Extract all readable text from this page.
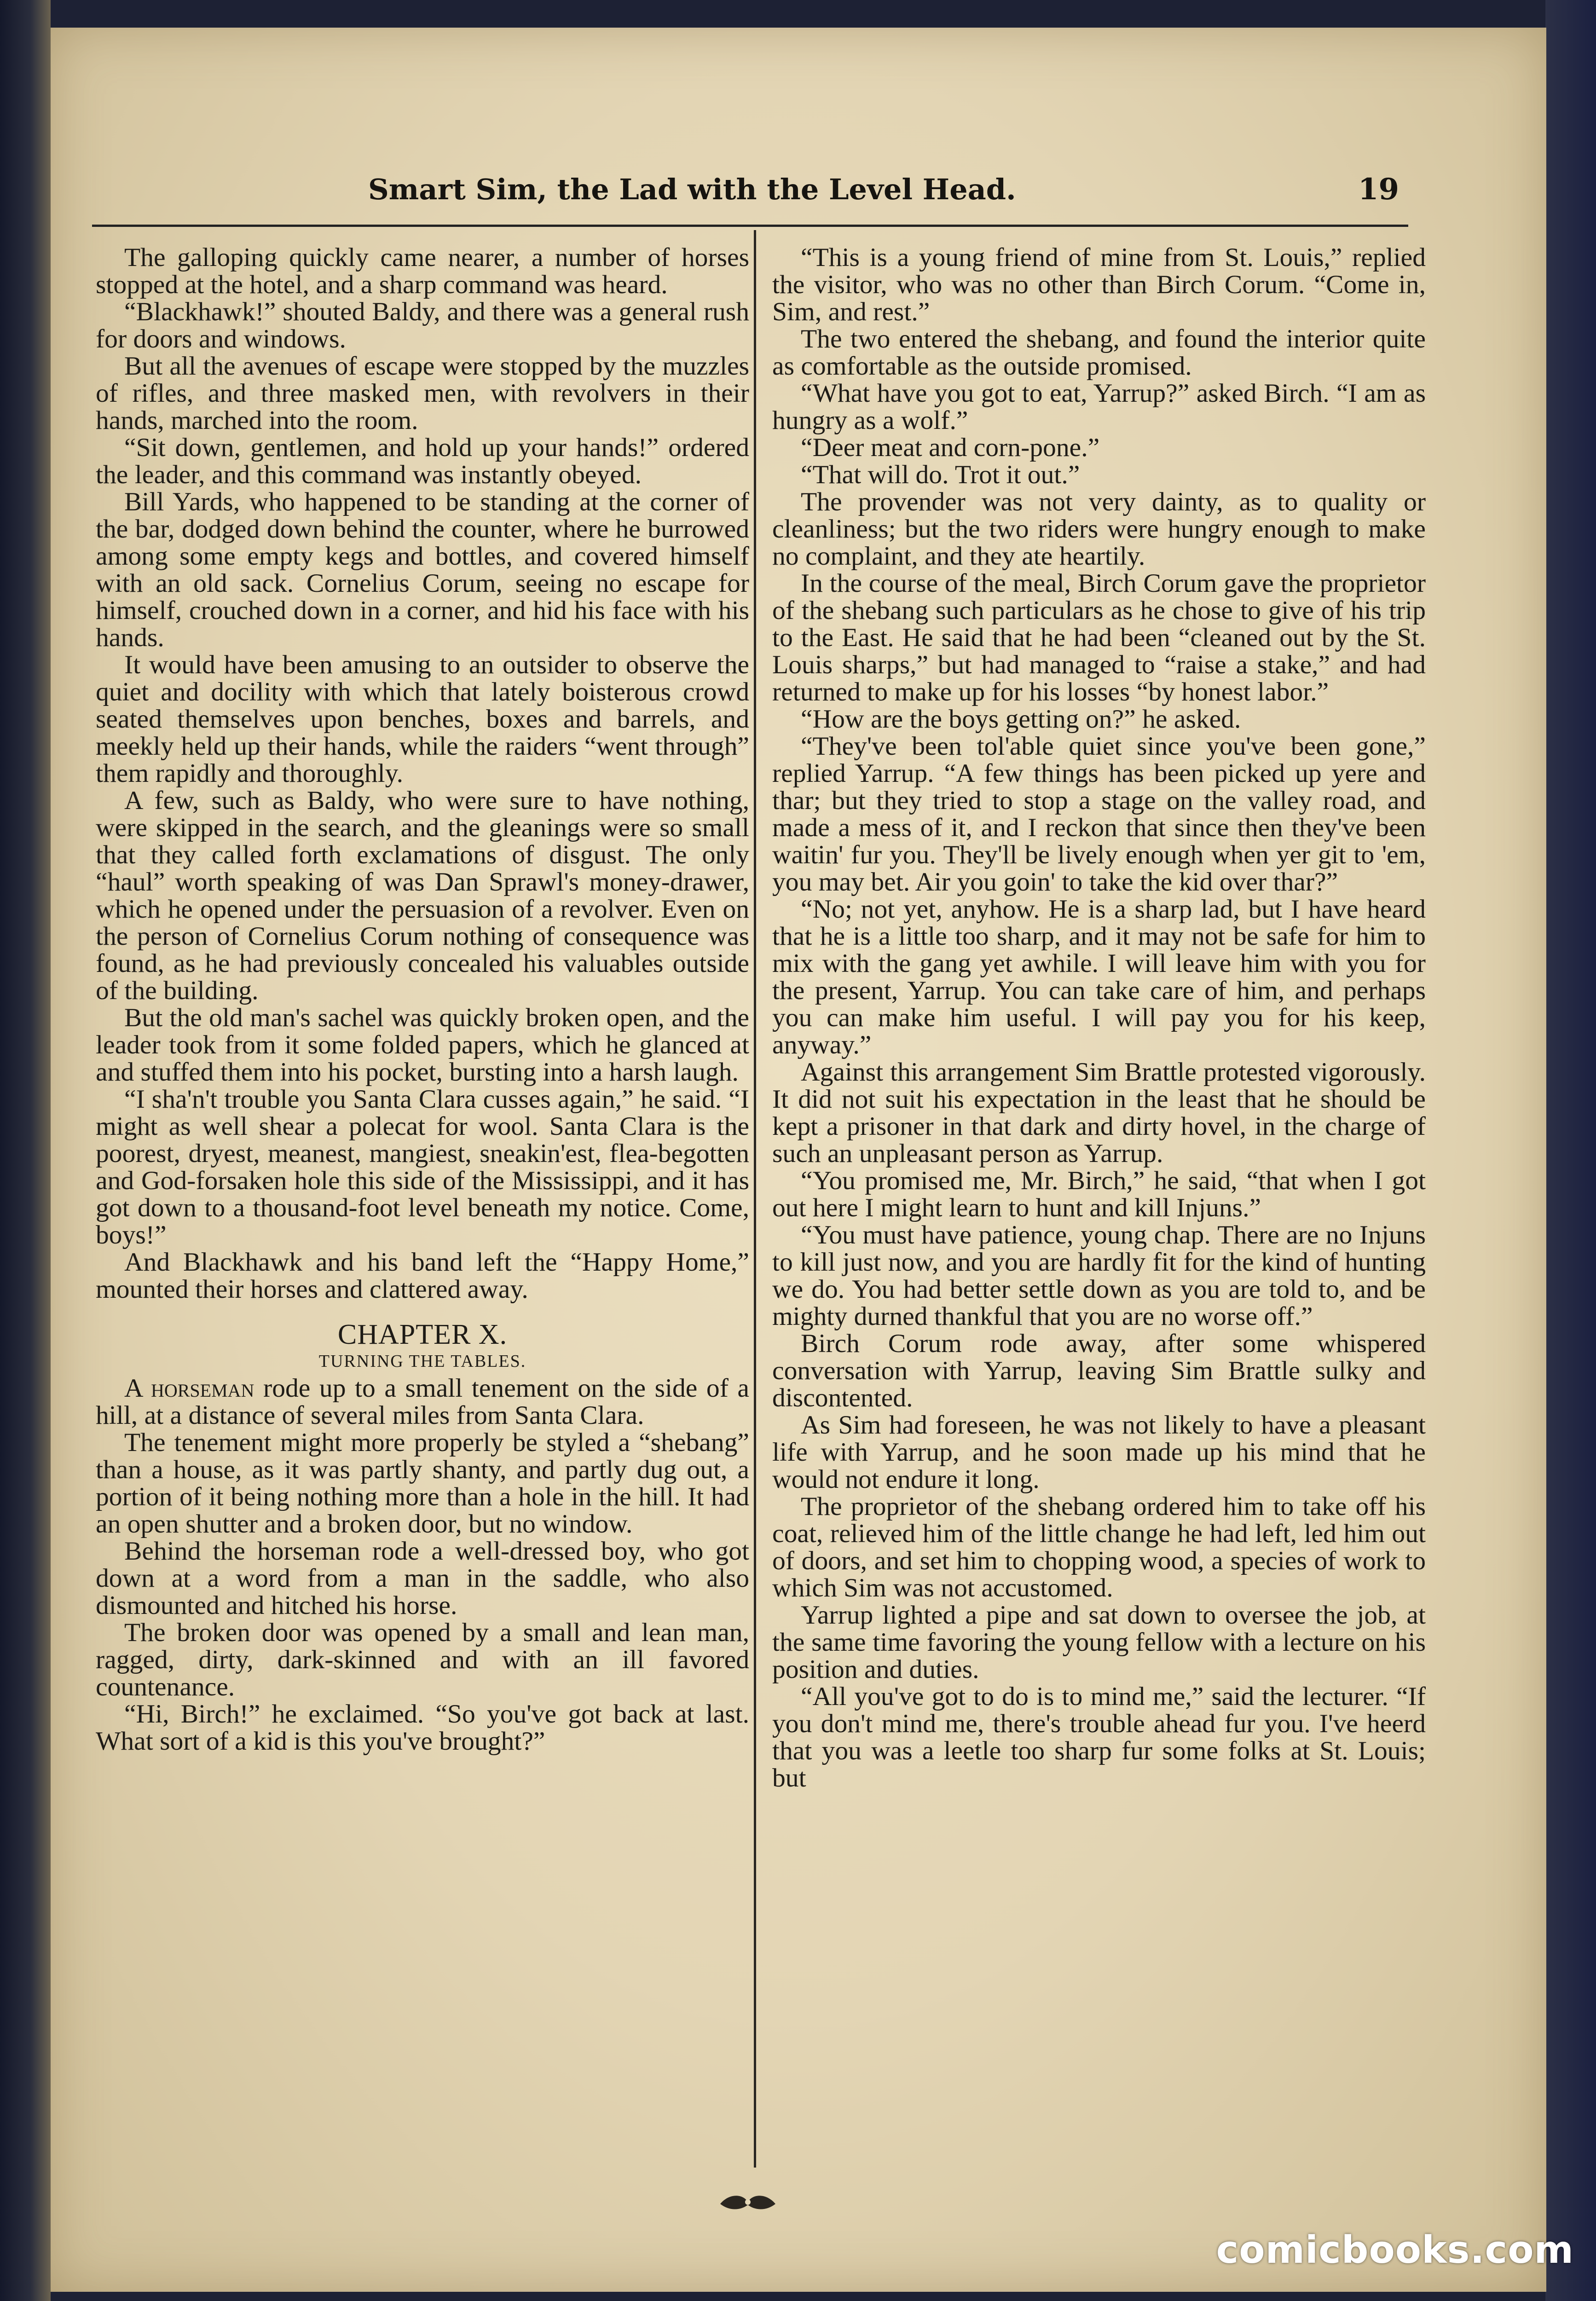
Smart Sim, the Lad with the Level Head.	19

The galloping quickly came nearer, a number of horses stopped at the hotel, and a sharp command was heard.

“Blackhawk!” shouted Baldy, and there was a general rush for doors and windows.

But all the avenues of escape were stopped by the muzzles of rifles, and three masked men, with revolvers in their hands, marched into the room.

“Sit down, gentlemen, and hold up your hands!” ordered the leader, and this command was instantly obeyed.

Bill Yards, who happened to be standing at the corner of the bar, dodged down behind the counter, where he burrowed among some empty kegs and bottles, and covered himself with an old sack. Cornelius Corum, seeing no escape for himself, crouched down in a corner, and hid his face with his hands.

It would have been amusing to an outsider to observe the quiet and docility with which that lately boisterous crowd seated themselves upon benches, boxes and barrels, and meekly held up their hands, while the raiders “went through” them rapidly and thoroughly.

A few, such as Baldy, who were sure to have nothing, were skipped in the search, and the gleanings were so small that they called forth exclamations of disgust. The only “haul” worth speaking of was Dan Sprawl's money-drawer, which he opened under the persuasion of a revolver. Even on the person of Cornelius Corum nothing of consequence was found, as he had previously concealed his valuables outside of the building.

But the old man's sachel was quickly broken open, and the leader took from it some folded papers, which he glanced at and stuffed them into his pocket, bursting into a harsh laugh.

“I sha'n't trouble you Santa Clara cusses again,” he said. “I might as well shear a polecat for wool. Santa Clara is the poorest, dryest, meanest, mangiest, sneakin'est, flea-begotten and God-forsaken hole this side of the Mississippi, and it has got down to a thousand-foot level beneath my notice. Come, boys!”

And Blackhawk and his band left the “Happy Home,” mounted their horses and clattered away.

CHAPTER X.
TURNING THE TABLES.

A horseman rode up to a small tenement on the side of a hill, at a distance of several miles from Santa Clara.

The tenement might more properly be styled a “shebang” than a house, as it was partly shanty, and partly dug out, a portion of it being nothing more than a hole in the hill. It had an open shutter and a broken door, but no window.

Behind the horseman rode a well-dressed boy, who got down at a word from a man in the saddle, who also dismounted and hitched his horse.

The broken door was opened by a small and lean man, ragged, dirty, dark-skinned and with an ill favored countenance.

“Hi, Birch!” he exclaimed. “So you've got back at last. What sort of a kid is this you've brought?”

“This is a young friend of mine from St. Louis,” replied the visitor, who was no other than Birch Corum. “Come in, Sim, and rest.”

The two entered the shebang, and found the interior quite as comfortable as the outside promised.

“What have you got to eat, Yarrup?” asked Birch. “I am as hungry as a wolf.”

“Deer meat and corn-pone.”

“That will do. Trot it out.”

The provender was not very dainty, as to quality or cleanliness; but the two riders were hungry enough to make no complaint, and they ate heartily.

In the course of the meal, Birch Corum gave the proprietor of the shebang such particulars as he chose to give of his trip to the East. He said that he had been “cleaned out by the St. Louis sharps,” but had managed to “raise a stake,” and had returned to make up for his losses “by honest labor.”

“How are the boys getting on?” he asked.

“They've been tol'able quiet since you've been gone,” replied Yarrup. “A few things has been picked up yere and thar; but they tried to stop a stage on the valley road, and made a mess of it, and I reckon that since then they've been waitin' fur you. They'll be lively enough when yer git to 'em, you may bet. Air you goin' to take the kid over thar?”

“No; not yet, anyhow. He is a sharp lad, but I have heard that he is a little too sharp, and it may not be safe for him to mix with the gang yet awhile. I will leave him with you for the present, Yarrup. You can take care of him, and perhaps you can make him useful. I will pay you for his keep, anyway.”

Against this arrangement Sim Brattle protested vigorously. It did not suit his expectation in the least that he should be kept a prisoner in that dark and dirty hovel, in the charge of such an unpleasant person as Yarrup.

“You promised me, Mr. Birch,” he said, “that when I got out here I might learn to hunt and kill Injuns.”

“You must have patience, young chap. There are no Injuns to kill just now, and you are hardly fit for the kind of hunting we do. You had better settle down as you are told to, and be mighty durned thankful that you are no worse off.”

Birch Corum rode away, after some whispered conversation with Yarrup, leaving Sim Brattle sulky and discontented.

As Sim had foreseen, he was not likely to have a pleasant life with Yarrup, and he soon made up his mind that he would not endure it long.

The proprietor of the shebang ordered him to take off his coat, relieved him of the little change he had left, led him out of doors, and set him to chopping wood, a species of work to which Sim was not accustomed.

Yarrup lighted a pipe and sat down to oversee the job, at the same time favoring the young fellow with a lecture on his position and duties.

“All you've got to do is to mind me,” said the lecturer. “If you don't mind me, there's trouble ahead fur you. I've heerd that you was a leetle too sharp fur some folks at St. Louis; but

comicbooks.com
